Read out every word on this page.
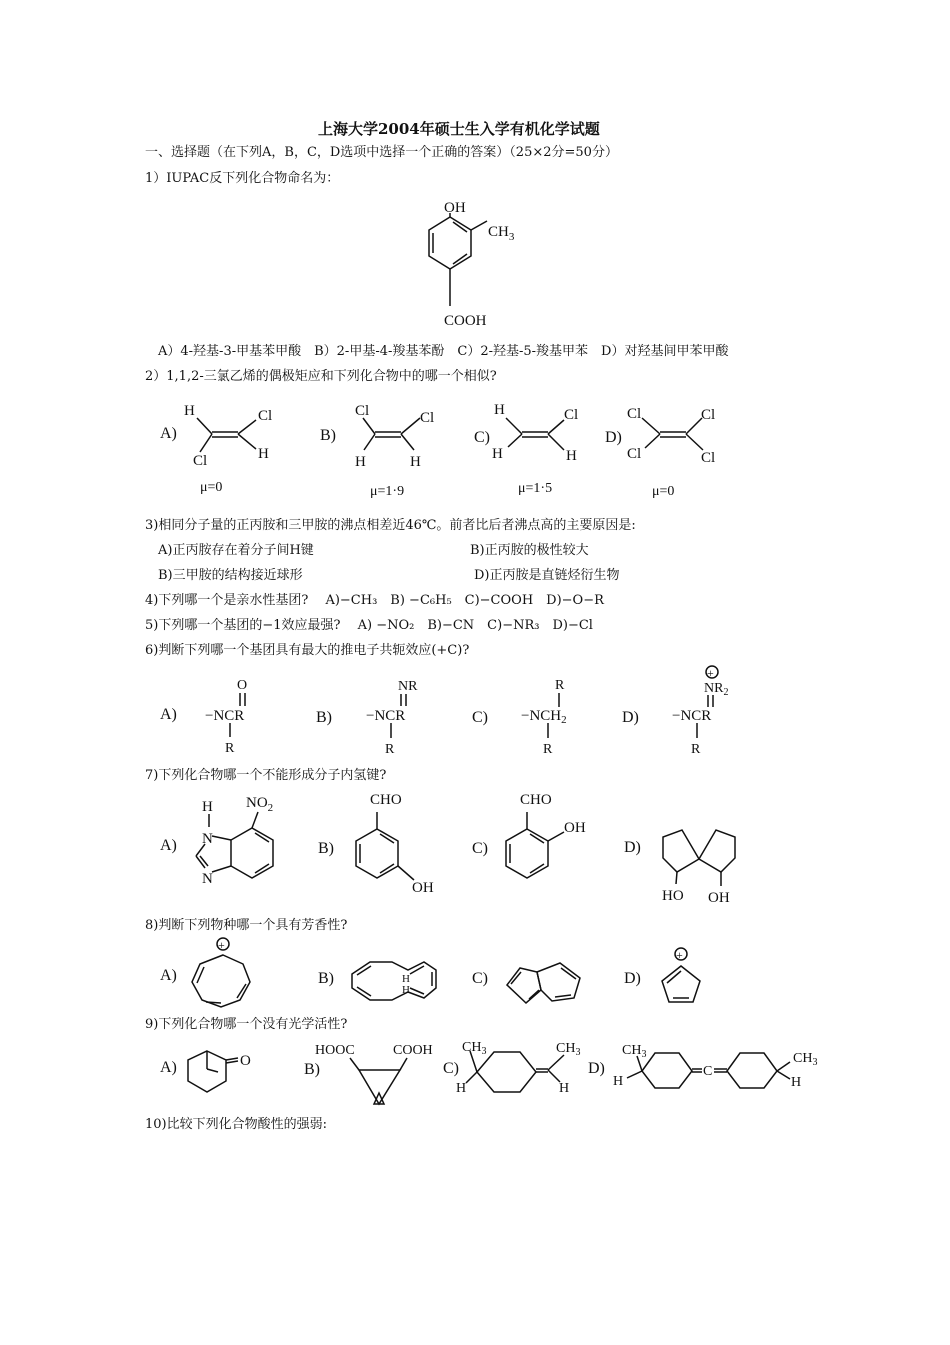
上海大学2004年硕士生入学有机化学试题
一、选择题（在下列A，B，C，D选项中选择一个正确的答案）（25×2分=50分）
1）IUPAC反下列化合物命名为：
A）4-羟基-3-甲基苯甲酸　B）2-甲基-4-羧基苯酚　C）2-羟基-5-羧基甲苯　D）对羟基间甲苯甲酸
2）1,1,2-三氯乙烯的偶极矩应和下列化合物中的哪一个相似?
3)相同分子量的正丙胺和三甲胺的沸点相差近46℃。前者比后者沸点高的主要原因是:
A)正丙胺存在着分子间H键	B)正丙胺的极性较大
B)三甲胺的结构接近球形	D)正丙胺是直链烃衍生物
4)下列哪一个是亲水性基团?　 A)−CH₃　B) −C₆H₅　C)−COOH　D)−O−R
5)下列哪一个基团的−1效应最强?　 A) −NO₂　B)−CN　C)−NR₃　D)−Cl
6)判断下列哪一个基团具有最大的推电子共轭效应(+C)?
7)下列化合物哪一个不能形成分子内氢键?
8)判断下列物种哪一个具有芳香性?
9)下列化合物哪一个没有光学活性?
10)比较下列化合物酸性的强弱:
OH
$CH_3$
COOH
A)
H
Cl
Cl
H
μ=0
B)
Cl
H
Cl
H
μ=1·9
C)
H
H
Cl
H
μ=1·5
D)
Cl
Cl
Cl
Cl
μ=0
A)
O
−NCR
R
B)
NR
−NCR
R
C)
R
$-NCH_2$
R
D)
+
$NR_2$
−NCR
R
A)
H
N
N
$NO_2$
B)
CHO
OH
C)
CHO
OH
D)
HO OH
A)
+
B)	H
H
C)	D)
+
A)	O	B)
HOOC	COOH
C)
$CH_3$
H
$CH_3$
H
D)	C
$CH_3$
H
$CH_3$
H
